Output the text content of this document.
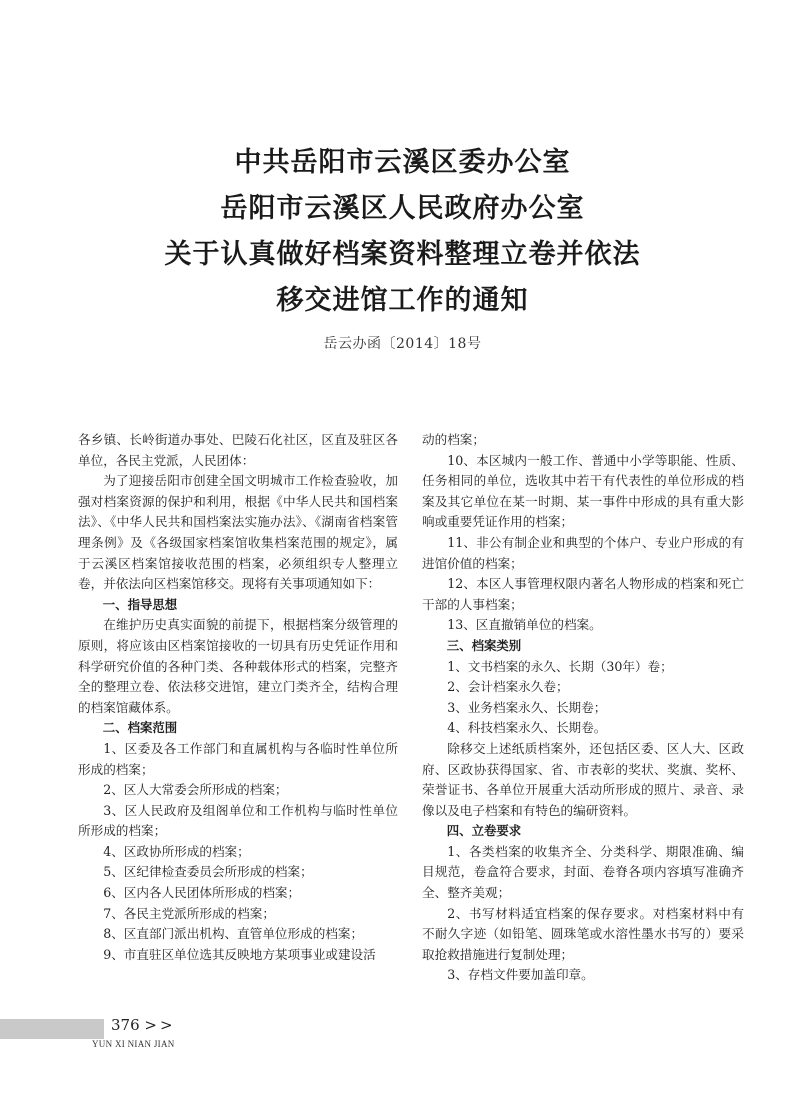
中共岳阳市云溪区委办公室
岳阳市云溪区人民政府办公室
关于认真做好档案资料整理立卷并依法
移交进馆工作的通知
岳云办函〔2014〕18号

各乡镇、长岭街道办事处、巴陵石化社区，区直及驻区各单位，各民主党派，人民团体：

为了迎接岳阳市创建全国文明城市工作检查验收，加强对档案资源的保护和利用，根据《中华人民共和国档案法》、《中华人民共和国档案法实施办法》、《湖南省档案管理条例》及《各级国家档案馆收集档案范围的规定》，属于云溪区档案馆接收范围的档案，必须组织专人整理立卷，并依法向区档案馆移交。现将有关事项通知如下：

一、指导思想

在维护历史真实面貌的前提下，根据档案分级管理的原则，将应该由区档案馆接收的一切具有历史凭证作用和科学研究价值的各种门类、各种载体形式的档案，完整齐全的整理立卷、依法移交进馆，建立门类齐全，结构合理的档案馆藏体系。

二、档案范围

1、区委及各工作部门和直属机构与各临时性单位所形成的档案；

2、区人大常委会所形成的档案；

3、区人民政府及组阁单位和工作机构与临时性单位所形成的档案；

4、区政协所形成的档案；

5、区纪律检查委员会所形成的档案；

6、区内各人民团体所形成的档案；

7、各民主党派所形成的档案；

8、区直部门派出机构、直管单位形成的档案；

9、市直驻区单位选其反映地方某项事业或建设活

动的档案；

10、本区城内一般工作、普通中小学等职能、性质、任务相同的单位，选收其中若干有代表性的单位形成的档案及其它单位在某一时期、某一事件中形成的具有重大影响或重要凭证作用的档案；

11、非公有制企业和典型的个体户、专业户形成的有进馆价值的档案；

12、本区人事管理权限内著名人物形成的档案和死亡干部的人事档案；

13、区直撤销单位的档案。

三、档案类别

1、文书档案的永久、长期（30年）卷；

2、会计档案永久卷；

3、业务档案永久、长期卷；

4、科技档案永久、长期卷。

除移交上述纸质档案外，还包括区委、区人大、区政府、区政协获得国家、省、市表彰的奖状、奖旗、奖杯、荣誉证书、各单位开展重大活动所形成的照片、录音、录像以及电子档案和有特色的编研资料。

四、立卷要求

1、各类档案的收集齐全、分类科学、期限准确、编目规范，卷盒符合要求，封面、卷脊各项内容填写准确齐全、整齐美观；

2、书写材料适宜档案的保存要求。对档案材料中有不耐久字迹（如铅笔、圆珠笔或水溶性墨水书写的）要采取抢救措施进行复制处理；

3、存档文件要加盖印章。

376 >>
YUN XI NIAN JIAN
